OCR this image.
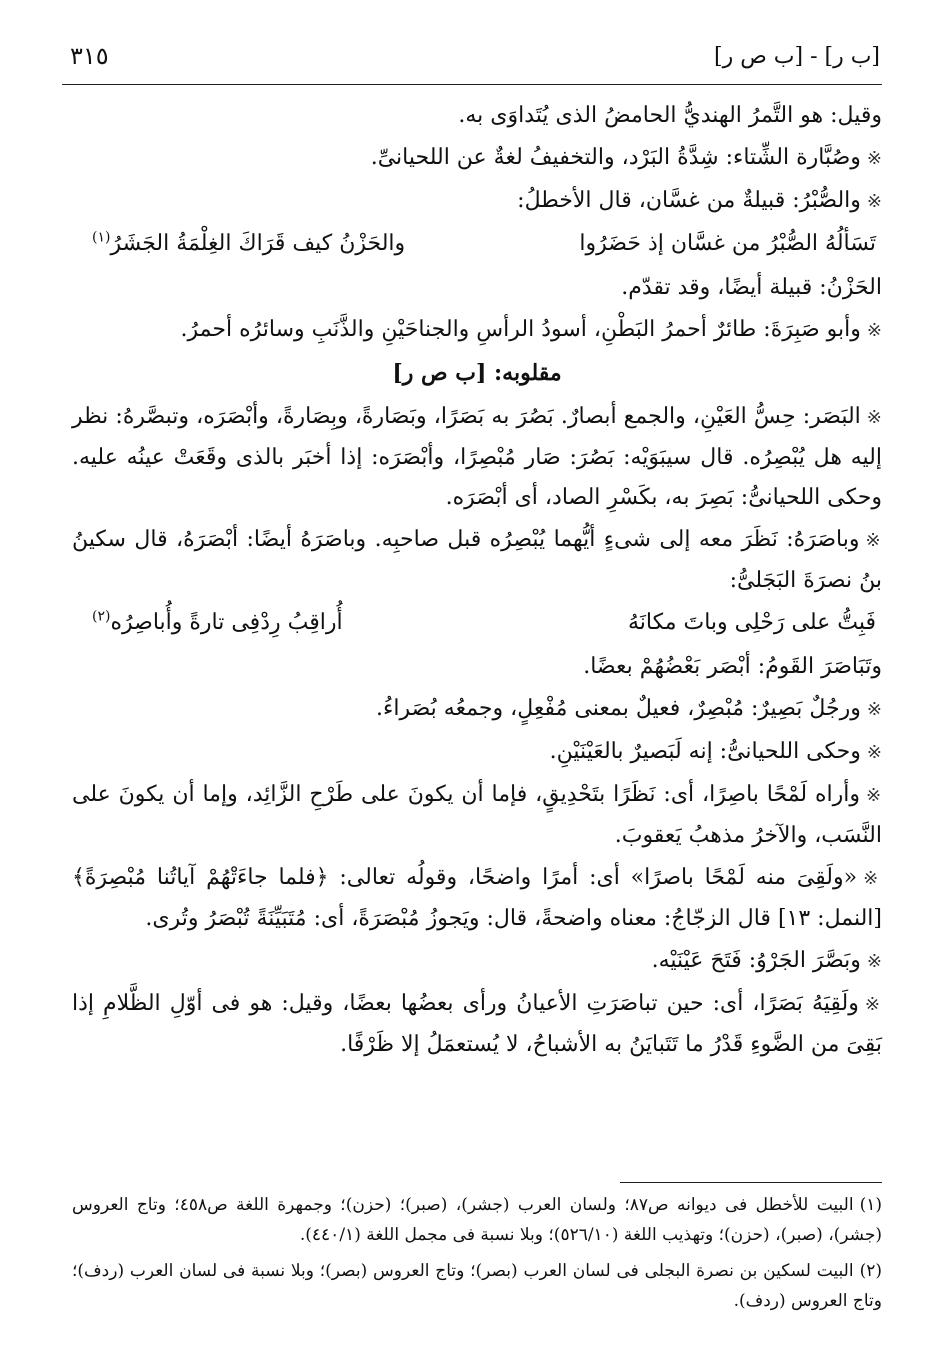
٣١٥	[ب ر] - [ب ص ر]

وقيل: هو التَّمرُ الهنديُّ الحامضُ الذى يُتَداوَى به.

※وصُبَّارة الشِّتاء: شِدَّةُ البَرْد، والتخفيفُ لغةٌ عن اللحيانىِّ.

※والصُّبْرُ: قبيلةٌ من غسَّان، قال الأخطلُ:

تَسَألُهُ الصُّبْرُ من غسَّان إذ حَضَرُوا
والحَزْنُ كيف قَرَاكَ الغِلْمَةُ الجَشَرُ$^{(١)}$

الحَزْنُ: قبيلة أيضًا، وقد تقدّم.

※وأبو صَبِرَةَ: طائرٌ أحمرُ البَطْنِ، أسودُ الرأسِ والجناحَيْنِ والذَّنَبِ وسائرُه أحمرُ.

مقلوبه: [ب ص ر]

※البَصَر: حِسُّ العَيْنِ، والجمع أبصارٌ. بَصُرَ به بَصَرًا، وبَصَارةً، وبِصَارةً، وأبْصَرَه، وتبصَّرهُ: نظر إليه هل يُبْصِرُه. قال سيبَوَيْه: بَصُرَ: صَار مُبْصِرًا، وأبْصَرَه: إذا أخبَر بالذى وقَعَتْ عينُه عليه. وحكى اللحيانىُّ: بَصِرَ به، بكَسْرِ الصاد، أى أبْصَرَه.

※وباصَرَهُ: نَظَرَ معه إلى شىءٍ أيُّهما يُبْصِرُه قبل صاحبِه. وباصَرَهُ أيضًا: أبْصَرَهُ، قال سكينُ بنُ نصرَةَ البَجَلىُّ:

فَبِتُّ على رَحْلِى وباتَ مكانَهُ
أُراقِبُ رِدْفِى تارةً وأُباصِرُه$^{(٢)}$

وتَبَاصَرَ القَومُ: أبْصَر بَعْضُهُمْ بعضًا.

※ورجُلٌ بَصِيرٌ: مُبْصِرٌ، فعيلٌ بمعنى مُفْعِلٍ، وجمعُه بُصَراءُ.

※وحكى اللحيانىُّ: إنه لَبَصيرٌ بالعَيْنَيْنِ.

※وأراه لَمْحًا باصِرًا، أى: نَظَرًا بتَحْدِيقٍ، فإما أن يكونَ على طَرْحِ الزَّائِد، وإما أن يكونَ على النَّسَب، والآخرُ مذهبُ يَعقوبَ.

※«ولَقِىَ منه لَمْحًا باصرًا» أى: أمرًا واضحًا، وقولُه تعالى: ﴿فلما جاءَتْهُمْ آياتُنا مُبْصِرَةً﴾ [النمل: ١٣] قال الزجّاجُ: معناه واضحةً، قال: ويَجوزُ مُبْصَرَةً، أى: مُتَبَيِّنَةً تُبْصَرُ وتُرى.

※وبَصَّرَ الجَرْوُ: فَتَحَ عَيْنَيْه.

※ولَقِيَهُ بَصَرًا، أى: حين تباصَرَتِ الأعيانُ ورأى بعضُها بعضًا، وقيل: هو فى أوّلِ الظَّلامِ إذا بَقِىَ من الضَّوءِ قَدْرُ ما تَتَبايَنُ به الأشباحُ، لا يُستعمَلُ إلا ظَرْفًا.

(١)البيت للأخطل فى ديوانه ص٨٧؛ ولسان العرب (جشر)، (صبر)؛ (حزن)؛ وجمهرة اللغة ص٤٥٨؛ وتاج العروس (جشر)، (صبر)، (حزن)؛ وتهذيب اللغة (٥٢٦/١٠)؛ وبلا نسبة فى مجمل اللغة (٤٤٠/١).

(٢)البيت لسكين بن نصرة البجلى فى لسان العرب (بصر)؛ وتاج العروس (بصر)؛ وبلا نسبة فى لسان العرب (ردف)؛ وتاج العروس (ردف).
